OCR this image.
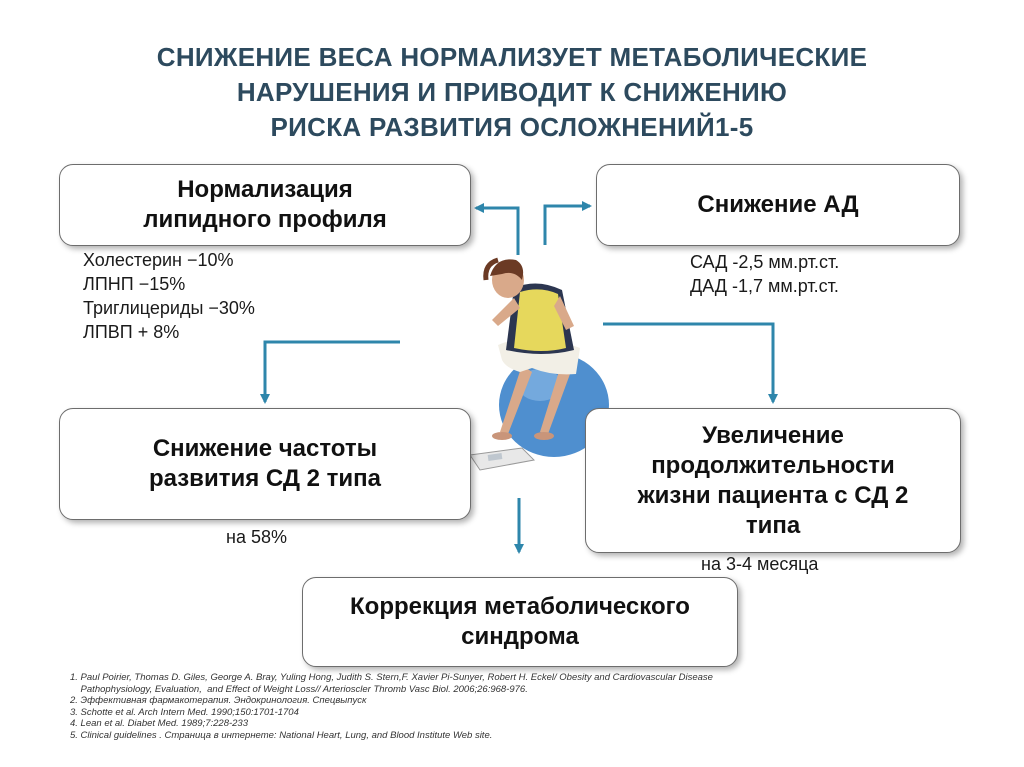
СНИЖЕНИЕ ВЕСА НОРМАЛИЗУЕТ МЕТАБОЛИЧЕСКИЕ
НАРУШЕНИЯ И ПРИВОДИТ К СНИЖЕНИЮ
РИСКА РАЗВИТИЯ ОСЛОЖНЕНИЙ1-5
Нормализация
липидного профиля
Холестерин −10%
ЛПНП −15%
Триглицериды −30%
ЛПВП + 8%
Снижение АД
САД -2,5 мм.рт.ст.
ДАД -1,7 мм.рт.ст.
Снижение частоты
развития СД 2 типа
на 58%
Увеличение
продолжительности
жизни пациента с СД 2
типа
на 3-4 месяца
Коррекция метаболического
синдрома
1. Paul Poirier, Thomas D. Giles, George A. Bray, Yuling Hong, Judith S. Stern,F. Xavier Pi-Sunyer, Robert H. Eckel/ Obesity and Cardiovascular Disease
Pathophysiology, Evaluation,  and Effect of Weight Loss// Arterioscler Thromb Vasc Biol. 2006;26:968-976.
2. Эффективная фармакотерапия. Эндокринология. Спецвыпуск
3. Schotte et al. Arch Intern Med. 1990;150:1701-1704
4. Lean et al. Diabet Med. 1989;7:228-233
5. Clinical guidelines . Страница в интернете: National Heart, Lung, and Blood Institute Web site.
